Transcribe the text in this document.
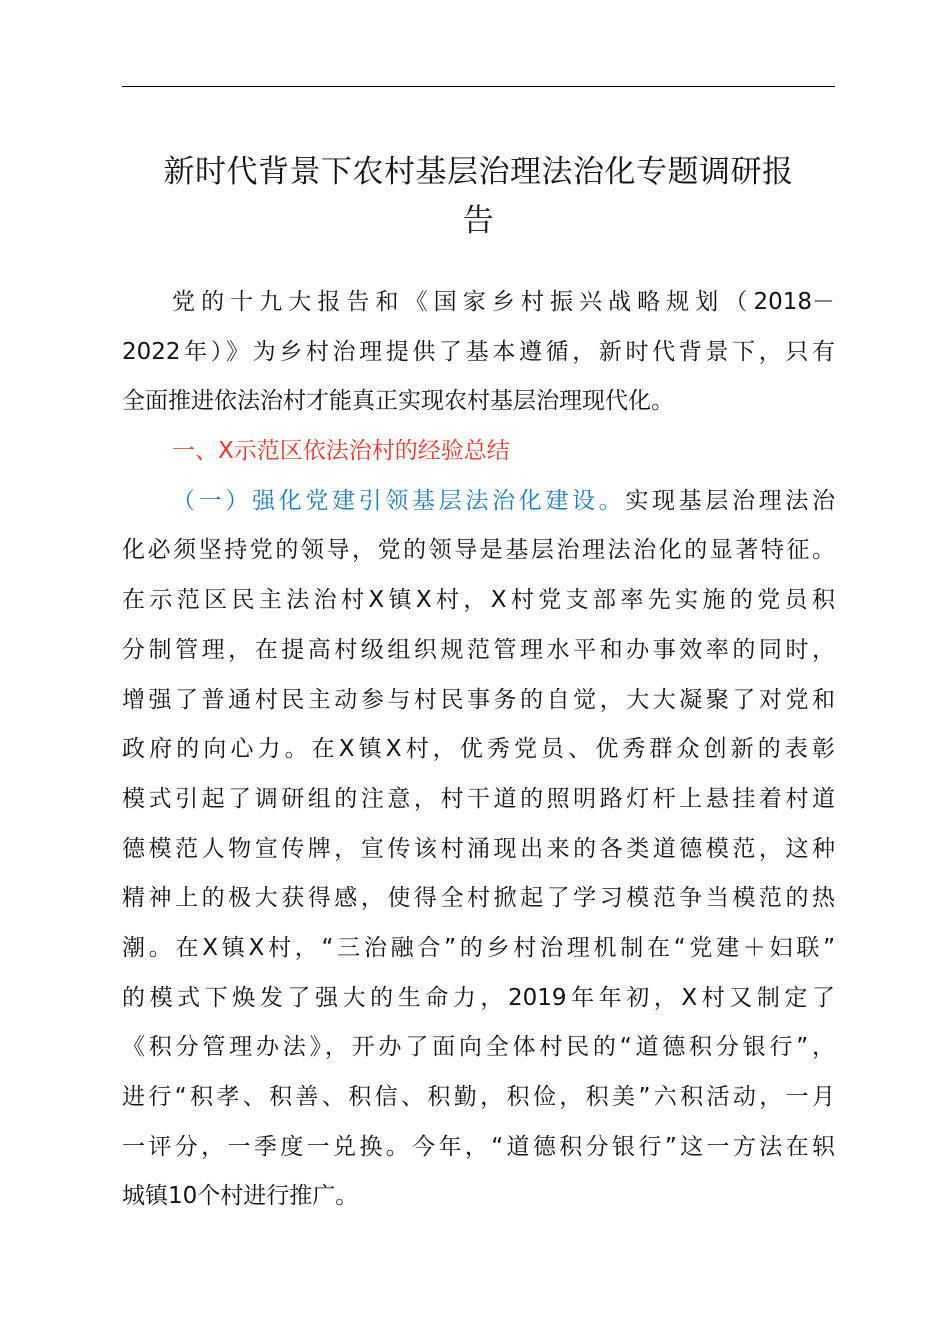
新时代背景下农村基层治理法治化专题调研报
告
党的十九大报告和《国家乡村振兴战略规划（2018－
2022年）》为乡村治理提供了基本遵循，新时代背景下，只有
全面推进依法治村才能真正实现农村基层治理现代化。
一、X示范区依法治村的经验总结
（一）强化党建引领基层法治化建设。实现基层治理法治
化必须坚持党的领导，党的领导是基层治理法治化的显著特征。
在示范区民主法治村X镇X村，X村党支部率先实施的党员积
分制管理，在提高村级组织规范管理水平和办事效率的同时，
增强了普通村民主动参与村民事务的自觉，大大凝聚了对党和
政府的向心力。在X镇X村，优秀党员、优秀群众创新的表彰
模式引起了调研组的注意，村干道的照明路灯杆上悬挂着村道
德模范人物宣传牌，宣传该村涌现出来的各类道德模范，这种
精神上的极大获得感，使得全村掀起了学习模范争当模范的热
潮。在X镇X村，“三治融合”的乡村治理机制在“党建＋妇联”
的模式下焕发了强大的生命力，2019年年初，X村又制定了
《积分管理办法》，开办了面向全体村民的“道德积分银行”，
进行“积孝、积善、积信、积勤，积俭，积美”六积活动，一月
一评分，一季度一兑换。今年，“道德积分银行”这一方法在轵
城镇10个村进行推广。
